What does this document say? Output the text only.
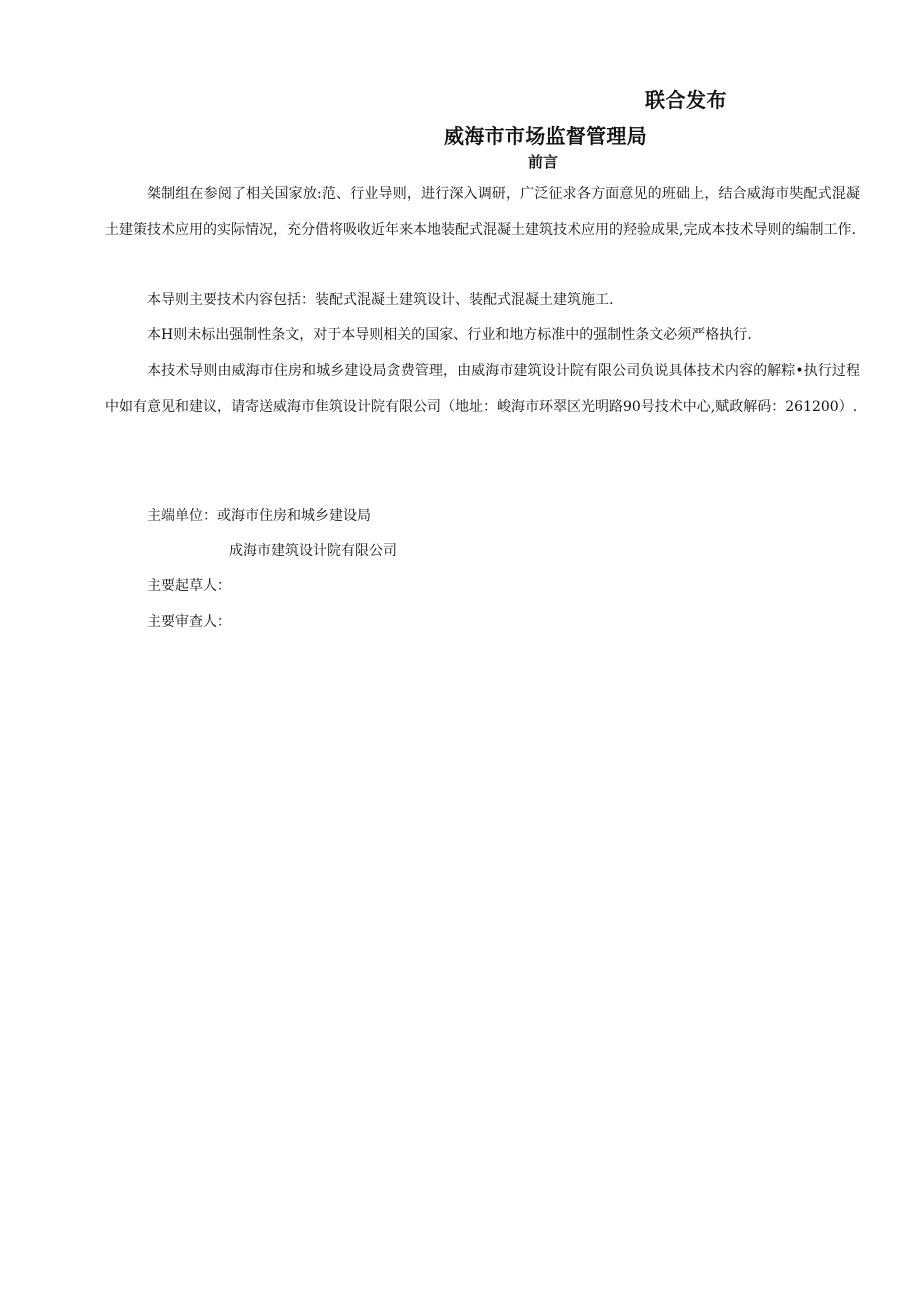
联合发布
威海市市场监督管理局
前言

桀制组在参阅了相关国家放:范、行业导则，进行深入调研，广泛征求各方面意见的班础上，结合威海市奘配式混凝土建策技术应用的实际情况，充分借将吸收近年来本地装配式混凝土建筑技术应用的羟验成果,完成本技术导则的编制工作.

本导则主要技术内容包括：装配式混凝土建筑设计、装配式混凝土建筑施工.

本H则未标出强制性条文，对于本导则相关的国家、行业和地方标准中的强制性条文必须严格执行.

本技术导则由威海市住房和城乡建设局贪费管理，由威海市建筑设计院有限公司负说具体技术内容的解粽•执行过程中如有意见和建议，请寄送威海市隹筑设计院有限公司（地址：峻海市环翠区光明路90号技术中心,赋政解码：261200）.

主端单位：或海市住房和城乡建设局
成海市建筑设计院有限公司
主要起草人：
主要审查人：
